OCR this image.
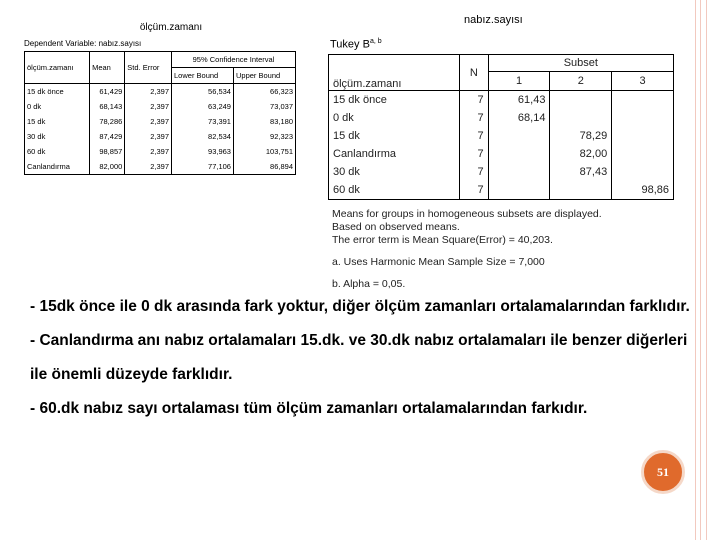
ölçüm.zamanı
Dependent Variable: nabız.sayısı
ölçüm.zamanı	Mean	Std. Error	95% Confidence Interval	
			Lower Bound	Upper Bound
15 dk önce	61,429	2,397	56,534	66,323
0 dk	68,143	2,397	63,249	73,037
15 dk	78,286	2,397	73,391	83,180
30 dk	87,429	2,397	82,534	92,323
60 dk	98,857	2,397	93,963	103,751
Canlandırma	82,000	2,397	77,106	86,894
nabız.sayısı
Tukey B$^{a, b}$
ölçüm.zamanı	N	Subset		
		1	2	3
15 dk önce	7	61,43		
0 dk	7	68,14		
15 dk	7		78,29	
Canlandırma	7		82,00	
30 dk	7		87,43	
60 dk	7			98,86
Means for groups in homogeneous subsets are displayed.
Based on observed means.
The error term is Mean Square(Error) = 40,203.
a. Uses Harmonic Mean Sample Size = 7,000
b. Alpha = 0,05.

- 15dk önce ile 0 dk arasında fark yoktur, diğer ölçüm zamanları ortalamalarından farklıdır.

- Canlandırma anı nabız ortalamaları 15.dk. ve 30.dk nabız ortalamaları ile benzer diğerleri ile önemli düzeyde farklıdır.

- 60.dk nabız sayı ortalaması tüm ölçüm zamanları ortalamalarından farkıdır.

51
